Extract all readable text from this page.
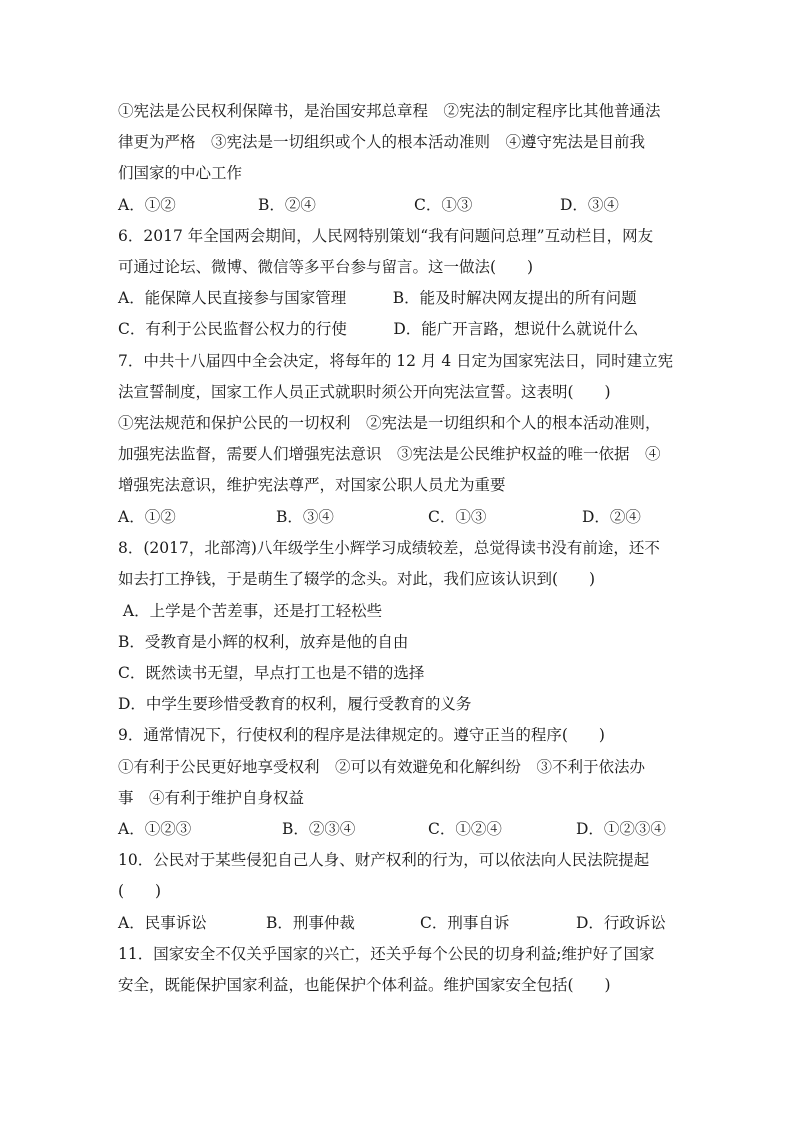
①宪法是公民权利保障书，是治国安邦总章程　②宪法的制定程序比其他普通法
律更为严格　③宪法是一切组织或个人的根本活动准则　④遵守宪法是目前我
们国家的中心工作
A．①②	B．②④	C．①③	D．③④
6．2017 年全国两会期间，人民网特别策划“我有问题问总理”互动栏目，网友
可通过论坛、微博、微信等多平台参与留言。这一做法(　　)
A．能保障人民直接参与国家管理　　　B．能及时解决网友提出的所有问题
C．有利于公民监督公权力的行使　　　D．能广开言路，想说什么就说什么
7．中共十八届四中全会决定，将每年的 12 月 4 日定为国家宪法日，同时建立宪
法宣誓制度，国家工作人员正式就职时须公开向宪法宣誓。这表明(　　)
①宪法规范和保护公民的一切权利　②宪法是一切组织和个人的根本活动准则，
加强宪法监督，需要人们增强宪法意识　③宪法是公民维护权益的唯一依据　④
增强宪法意识，维护宪法尊严，对国家公职人员尤为重要
A．①②	B．③④	C．①③	D．②④
8．(2017，北部湾)八年级学生小辉学习成绩较差，总觉得读书没有前途，还不
如去打工挣钱，于是萌生了辍学的念头。对此，我们应该认识到(　　)
A．上学是个苦差事，还是打工轻松些
B．受教育是小辉的权利，放弃是他的自由
C．既然读书无望，早点打工也是不错的选择
D．中学生要珍惜受教育的权利，履行受教育的义务
9．通常情况下，行使权利的程序是法律规定的。遵守正当的程序(　　)
①有利于公民更好地享受权利　②可以有效避免和化解纠纷　③不利于依法办
事　④有利于维护自身权益
A．①②③	B．②③④	C．①②④	D．①②③④
10．公民对于某些侵犯自己人身、财产权利的行为，可以依法向人民法院提起
(　　)
A．民事诉讼	B．刑事仲裁	C．刑事自诉	D．行政诉讼
11．国家安全不仅关乎国家的兴亡，还关乎每个公民的切身利益;维护好了国家
安全，既能保护国家利益，也能保护个体利益。维护国家安全包括(　　)
